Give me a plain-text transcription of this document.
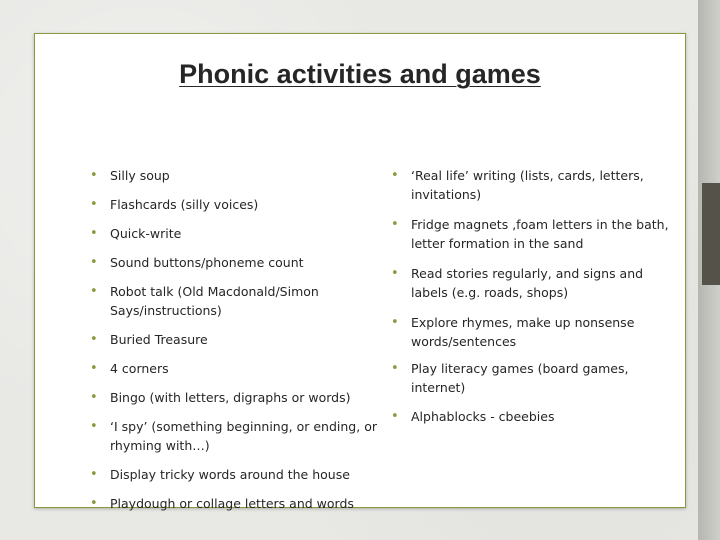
Phonic activities and games
• Silly soup
• Flashcards (silly voices)
• Quick-write
• Sound buttons/phoneme count
• Robot talk (Old Macdonald/Simon Says/instructions)
• Buried Treasure
• 4 corners
• Bingo (with letters, digraphs or words)
• ‘I spy’ (something beginning, or ending, or rhyming with…)
• Display tricky words around the house
• Playdough or collage letters and words
• ‘Real life’ writing (lists, cards, letters, invitations)
• Fridge magnets ,foam letters in the bath, letter formation in the sand
• Read stories regularly, and signs and labels (e.g. roads, shops)
• Explore rhymes, make up nonsense words/sentences
• Play literacy games (board games, internet)
• Alphablocks - cbeebies
